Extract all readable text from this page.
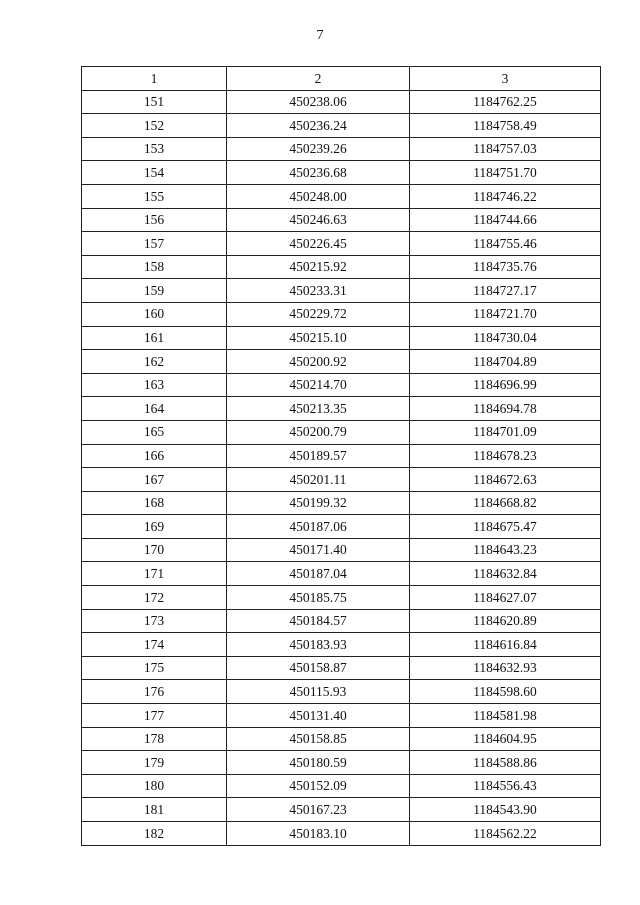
7
1	2	3
151	450238.06	1184762.25
152	450236.24	1184758.49
153	450239.26	1184757.03
154	450236.68	1184751.70
155	450248.00	1184746.22
156	450246.63	1184744.66
157	450226.45	1184755.46
158	450215.92	1184735.76
159	450233.31	1184727.17
160	450229.72	1184721.70
161	450215.10	1184730.04
162	450200.92	1184704.89
163	450214.70	1184696.99
164	450213.35	1184694.78
165	450200.79	1184701.09
166	450189.57	1184678.23
167	450201.11	1184672.63
168	450199.32	1184668.82
169	450187.06	1184675.47
170	450171.40	1184643.23
171	450187.04	1184632.84
172	450185.75	1184627.07
173	450184.57	1184620.89
174	450183.93	1184616.84
175	450158.87	1184632.93
176	450115.93	1184598.60
177	450131.40	1184581.98
178	450158.85	1184604.95
179	450180.59	1184588.86
180	450152.09	1184556.43
181	450167.23	1184543.90
182	450183.10	1184562.22
